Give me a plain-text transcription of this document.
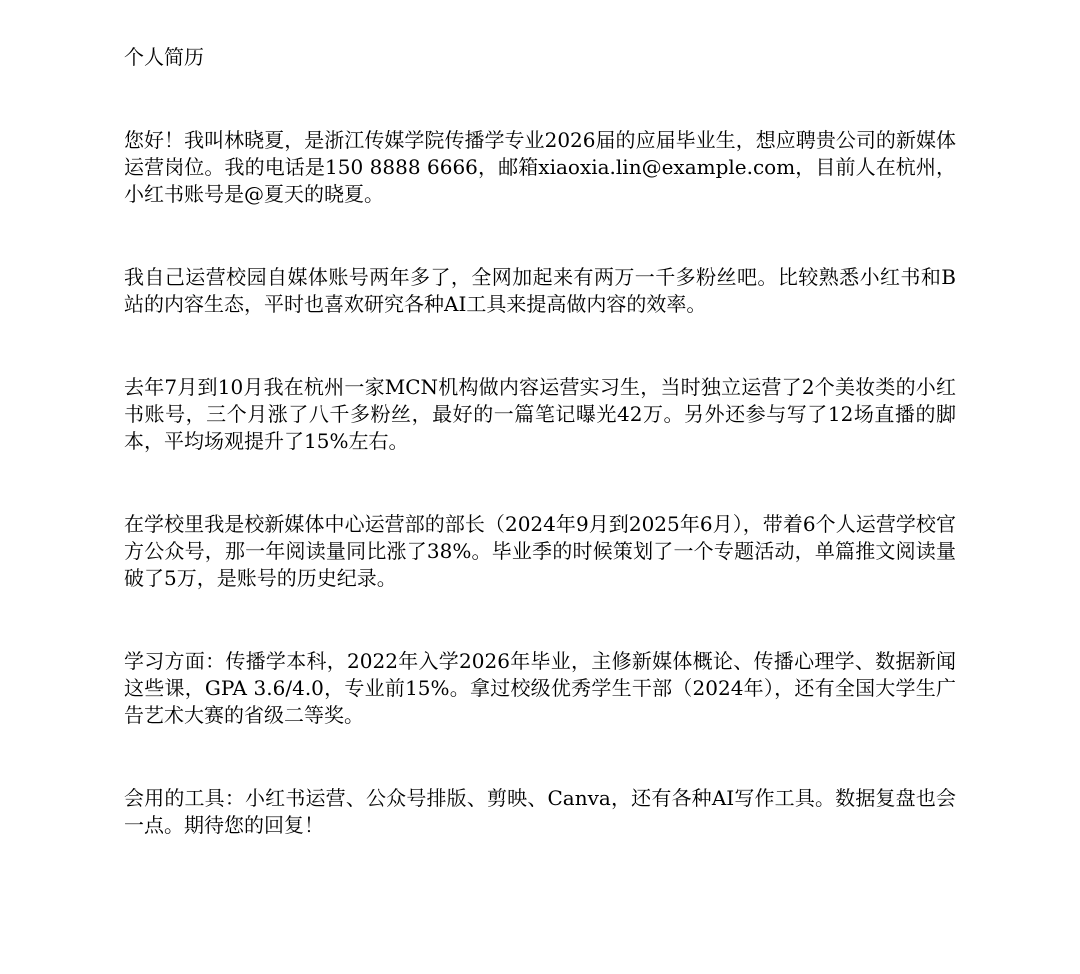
个人简历

您好！我叫林晓夏，是浙江传媒学院传播学专业2026届的应届毕业生，想应聘贵公司的新媒体运营岗位。我的电话是150 8888 6666，邮箱xiaoxia.lin@example.com，目前人在杭州，小红书账号是@夏天的晓夏。

我自己运营校园自媒体账号两年多了，全网加起来有两万一千多粉丝吧。比较熟悉小红书和B站的内容生态，平时也喜欢研究各种AI工具来提高做内容的效率。

去年7月到10月我在杭州一家MCN机构做内容运营实习生，当时独立运营了2个美妆类的小红书账号，三个月涨了八千多粉丝，最好的一篇笔记曝光42万。另外还参与写了12场直播的脚本，平均场观提升了15%左右。

在学校里我是校新媒体中心运营部的部长（2024年9月到2025年6月），带着6个人运营学校官方公众号，那一年阅读量同比涨了38%。毕业季的时候策划了一个专题活动，单篇推文阅读量破了5万，是账号的历史纪录。

学习方面：传播学本科，2022年入学2026年毕业，主修新媒体概论、传播心理学、数据新闻这些课，GPA 3.6/4.0，专业前15%。拿过校级优秀学生干部（2024年），还有全国大学生广告艺术大赛的省级二等奖。

会用的工具：小红书运营、公众号排版、剪映、Canva，还有各种AI写作工具。数据复盘也会一点。期待您的回复！
